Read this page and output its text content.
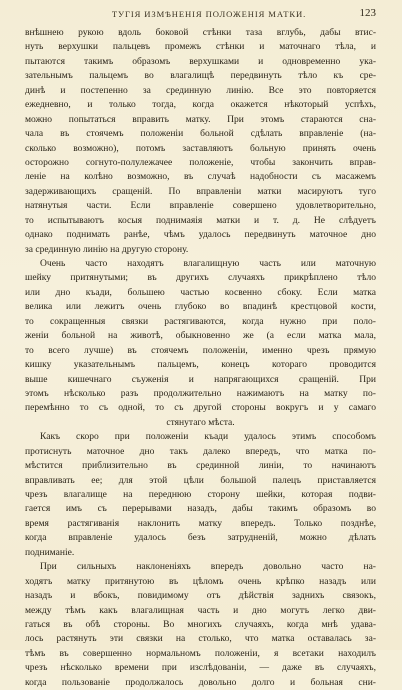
ТУГІЯ ИЗМѢНЕНІЯ ПОЛОЖЕНІЯ МАТКИ.	123
внѣшнею рукою вдоль боковой стѣнки таза вглубь, дабы втис-
нуть верхушки пальцевъ промежъ стѣнки и маточнаго тѣла, и
пытаются такимъ образомъ верхушками и одновременно ука-
зательнымъ пальцемъ во влагалищѣ передвинуть тѣло къ сре-
динѣ и постепенно за срединную линію. Все это повторяется
ежедневно, и только тогда, когда окажется нѣкоторый успѣхъ,
можно попытаться вправить матку. При этомъ стараются сна-
чала въ стоячемъ положеніи больной сдѣлать вправленіе (на-
сколько возможно), потомъ заставляютъ больную принять очень
осторожно согнуто-полулежачее положеніе, чтобы закончить вправ-
леніе на колѣно возможно, въ случаѣ надобности съ масажемъ
задерживающихъ сращеній. По вправленіи матки масируютъ туго
натянутыя части. Если вправленіе совершено удовлетворительно,
то испытываютъ косыя поднимаяія матки и т. д. Не слѣдуетъ
однако поднимать ранѣе, чѣмъ удалось передвинуть маточное дно
за срединную линію на другую сторону.
Очень часто находятъ влагалищную часть или маточную
шейку притянутыми; въ другихъ случаяхъ прикрѣплено тѣло
или дно къади, большею частью косвенно сбоку. Если матка
велика или лежитъ очень глубоко во впадинѣ крестцовой кости,
то сокращенныя связки растягиваются, когда нужно при поло-
женіи больной на животѣ, обыкновенно же (а если матка мала,
то всего лучше) въ стоячемъ положеніи, именно чрезъ прямую
кишку указательнымъ пальцемъ, конецъ котораго проводится
выше кишечнаго съуженія и напрягающихся сращеній. При
этомъ нѣсколько разъ продолжительно нажимаютъ на матку по-
перемѣнно то съ одной, то съ другой стороны вокругъ и у самаго
стянутаго мѣста.
Какъ скоро при положеніи къади удалось этимъ способомъ
протиснуть маточное дно такъ далеко впередъ, что матка по-
мѣстится приблизительно въ срединной линіи, то начинаютъ
вправливать ее; для этой цѣли большой палецъ приставляется
чрезъ влагалище на переднюю сторону шейки, которая подви-
гается имъ съ перерывами назадъ, дабы такимъ образомъ во
время растягиванія наклонить матку впередъ. Только позднѣе,
когда вправленіе удалось безъ затрудненій, можно дѣлать
подниманіе.
При сильныхъ наклоненіяхъ впередъ довольно часто на-
ходятъ матку притянутою въ цѣломъ очень крѣпко назадъ или
назадъ и вбокъ, повидимому отъ дѣйствія заднихъ связокъ,
между тѣмъ какъ влагалищная часть и дно могутъ легко дви-
гаться въ обѣ стороны. Во многихъ случаяхъ, когда мнѣ удава-
лось растянуть эти связки на столько, что матка оставалась за-
тѣмъ въ совершенно нормальномъ положеніи, я всетаки находилъ
чрезъ нѣсколько времени при изслѣдованіи, — даже въ случаяхъ,
когда пользованіе продолжалось довольно долго и больная сни-
